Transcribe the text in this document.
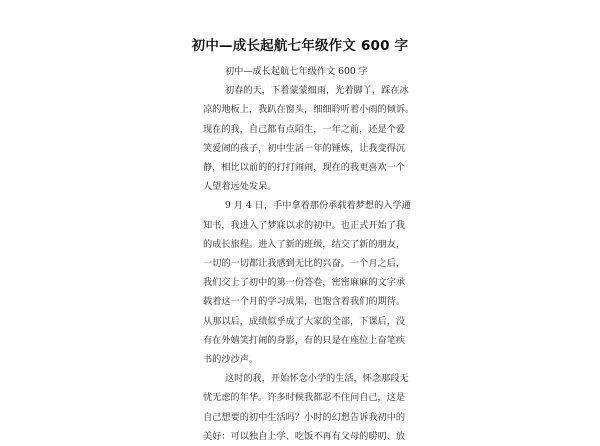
初中—成长起航七年级作文 600 字

初中—成长起航七年级作文 600 字

初春的天，下着蒙蒙细雨，光着脚丫，踩在冰
凉的地板上，我趴在窗头，细细聆听着小雨的倾诉。
现在的我，自己都有点陌生，一年之前，还是个爱
笑爱闹的孩子，初中生活一年的锤炼，让我变得沉
静，相比以前的的打打闹闹，现在的我更喜欢一个
人望着远处发呆。

9 月 4 日，手中拿着那份承载着梦想的入学通
知书，我进入了梦寐以求的初中。也正式开始了我
的成长旅程。进入了新的班级，结交了新的朋友，
一切的一切都让我感到无比的兴奋。一个月之后，
我们交上了初中的第一份答卷，密密麻麻的文字承
载着这一个月的学习成果，也饱含着我们的期待。
从那以后，成绩似乎成了大家的全部，下课后，没
有在外嬉笑打闹的身影，有的只是在座位上奋笔疾
书的沙沙声。

这时的我，开始怀念小学的生活，怀念那段无
忧无虑的年华。许多时候我都忍不住问自己，这是
自己想要的初中生活吗？小时的幻想告诉我初中的
美好：可以独自上学、吃饭不再有父母的唠叨、放
